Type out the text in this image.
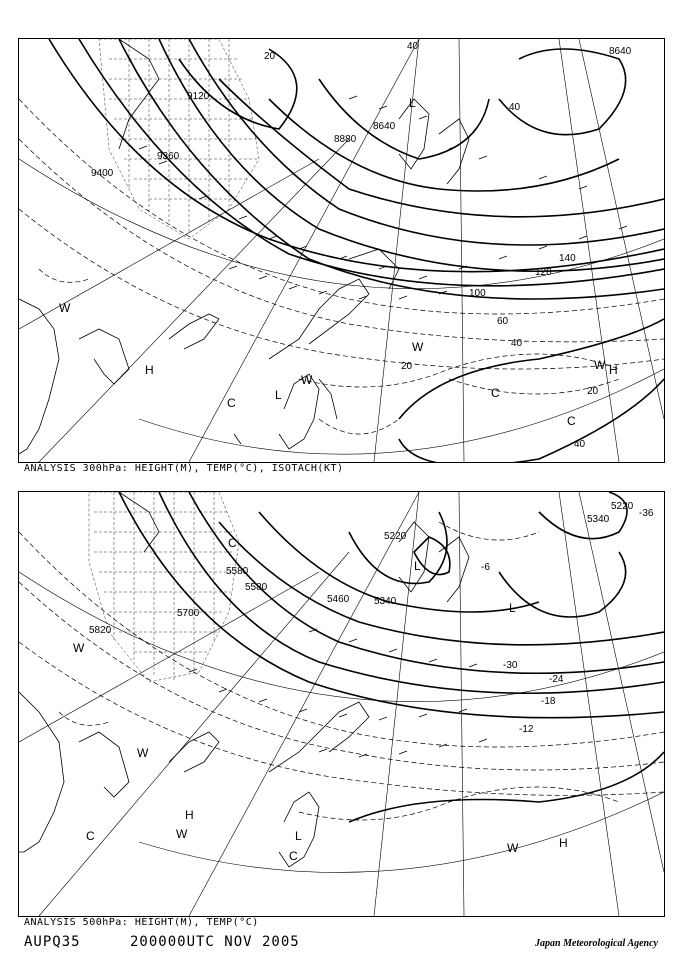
9120
9360
9400
8880
8640
8640
20
40
60
100
120
140
20
40
20
40
40
W
H
C
L
W
W
C
C
W H
L
ANALYSIS 300hPa: HEIGHT(M), TEMP(°C), ISOTACH(KT)
5580
5580
5700
5820
5460 5340
5220
5340
5220
-30
-24
-18
-12
-36
-6
C
W
W
C	W
H
L
C
W	H
L
L
ANALYSIS 500hPa: HEIGHT(M), TEMP(°C)
AUPQ35	200000UTC NOV 2005	Japan Meteorological Agency
